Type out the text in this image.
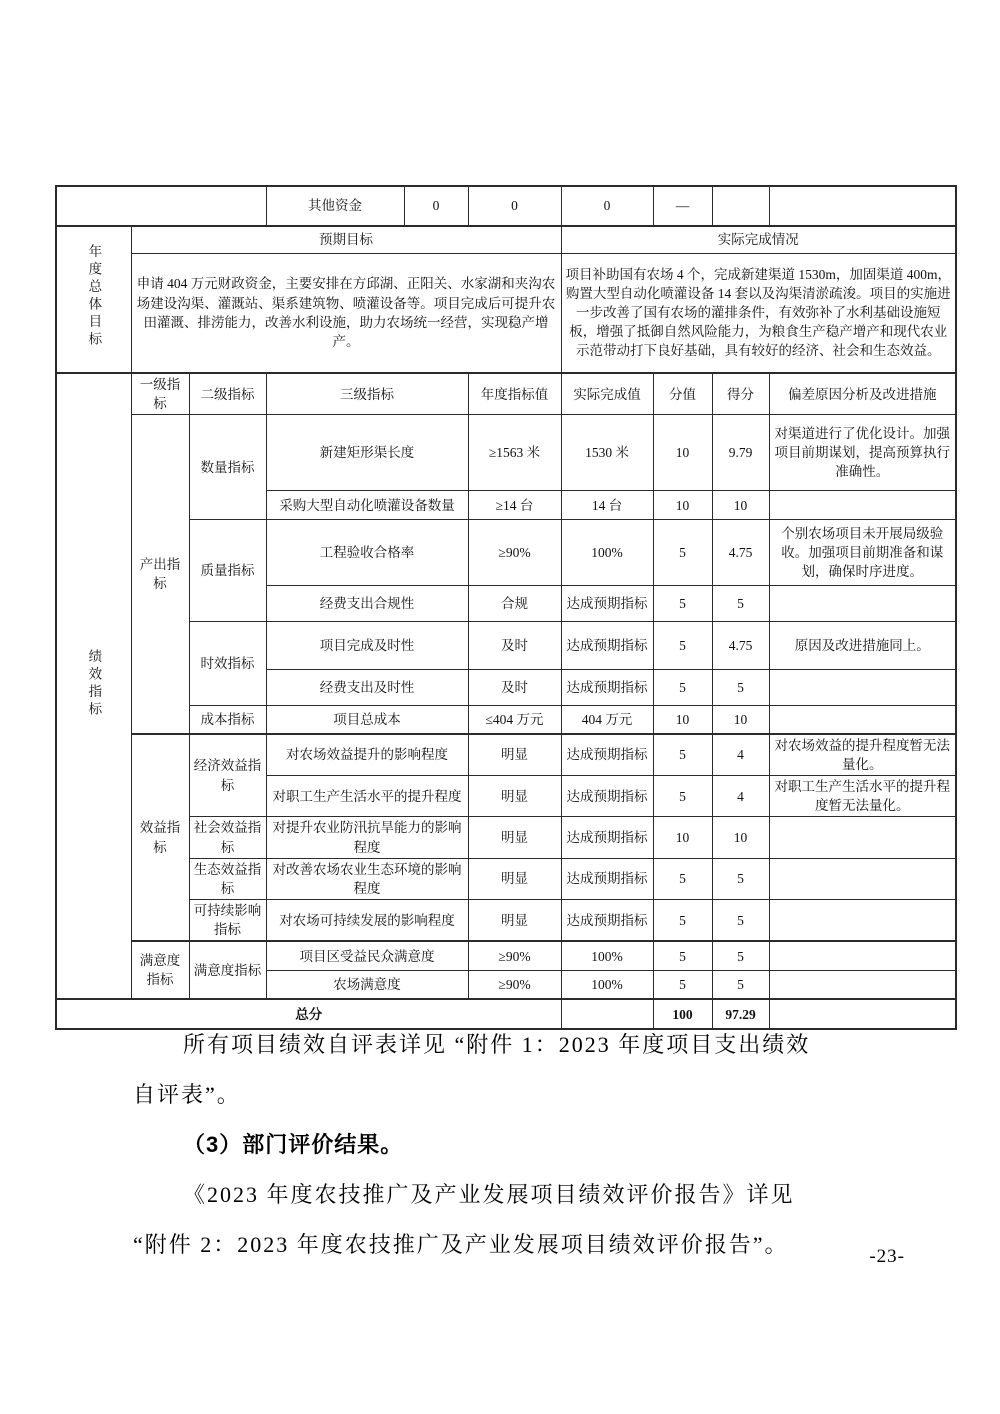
			其他资金	0	0	0	—		
年度总体目标	预期目标					实际完成情况			
	申请 404 万元财政资金，主要安排在方邱湖、正阳关、水家湖和夹沟农场建设沟渠、灌溉站、渠系建筑物、喷灌设备等。项目完成后可提升农田灌溉、排涝能力，改善水利设施，助力农场统一经营，实现稳产增产。					项目补助国有农场 4 个，完成新建渠道 1530m，加固渠道 400m，购置大型自动化喷灌设备 14 套以及沟渠清淤疏浚。项目的实施进一步改善了国有农场的灌排条件，有效弥补了水利基础设施短板，增强了抵御自然风险能力，为粮食生产稳产增产和现代农业示范带动打下良好基础，具有较好的经济、社会和生态效益。			
绩效指标	一级指标	二级指标	三级指标		年度指标值	实际完成值	分值	得分	偏差原因分析及改进措施
	产出指标	数量指标	新建矩形渠长度		≥1563 米	1530 米	10	9.79	对渠道进行了优化设计。加强项目前期谋划，提高预算执行准确性。
			采购大型自动化喷灌设备数量		≥14 台	14 台	10	10	
		质量指标	工程验收合格率		≥90%	100%	5	4.75	个别农场项目未开展局级验收。加强项目前期准备和谋划，确保时序进度。
			经费支出合规性		合规	达成预期指标	5	5	
		时效指标	项目完成及时性		及时	达成预期指标	5	4.75	原因及改进措施同上。
			经费支出及时性		及时	达成预期指标	5	5	
		成本指标	项目总成本		≤404 万元	404 万元	10	10	
	效益指标	经济效益指标	对农场效益提升的影响程度		明显	达成预期指标	5	4	对农场效益的提升程度暂无法量化。
			对职工生产生活水平的提升程度		明显	达成预期指标	5	4	对职工生产生活水平的提升程度暂无法量化。
		社会效益指标	对提升农业防汛抗旱能力的影响程度		明显	达成预期指标	10	10	
		生态效益指标	对改善农场农业生态环境的影响程度		明显	达成预期指标	5	5	
		可持续影响指标	对农场可持续发展的影响程度		明显	达成预期指标	5	5	
	满意度指标	满意度指标	项目区受益民众满意度		≥90%	100%	5	5	
			农场满意度		≥90%	100%	5	5	
总分							100	97.29	
所有项目绩效自评表详见 “附件 1：2023 年度项目支出绩效
自评表”。
（3）部门评价结果。
《2023 年度农技推广及产业发展项目绩效评价报告》详见
“附件 2：2023 年度农技推广及产业发展项目绩效评价报告”。	-23-
